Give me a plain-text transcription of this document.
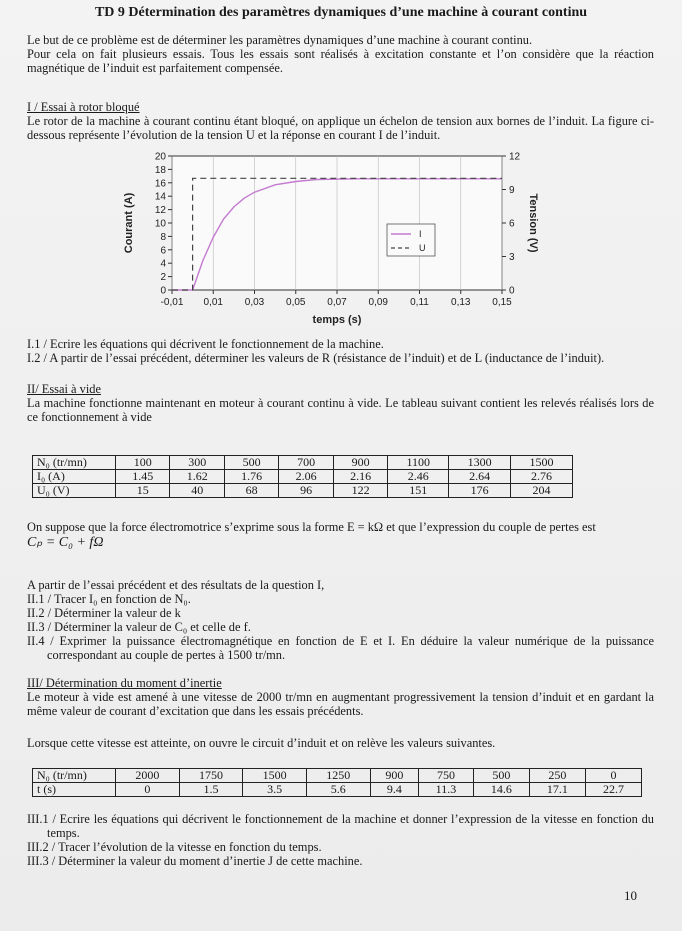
TD 9 Détermination des paramètres dynamiques d’une machine à courant continu

Le but de ce problème est de déterminer les paramètres dynamiques d’une machine à courant continu.

Pour cela on fait plusieurs essais. Tous les essais sont réalisés à excitation constante et l’on considère que la réaction magnétique de l’induit est parfaitement compensée.

I / Essai à rotor bloqué

Le rotor de la machine à courant continu étant bloqué, on applique un échelon de tension aux bornes de l’induit. La figure ci-dessous représente l’évolution de la tension U et la réponse en courant I de l’induit.

-0,01 0,01 0,03 0,05 0,07 0,09 0,11 0,13 0,15
0
2
4
6
8
10
12
14
16
18
20
0
3
6
9
12
temps (s)
Courant (A)	Tension (V)
I
U

I.1 / Ecrire les équations qui décrivent le fonctionnement de la machine.

I.2 / A partir de l’essai précédent, déterminer les valeurs de R (résistance de l’induit) et de L (inductance de l’induit).

II/ Essai à vide

La machine fonctionne maintenant en moteur à courant continu à vide. Le tableau suivant contient les relevés réalisés lors de ce fonctionnement à vide

N₀ (tr/mn)	100	300	500	700	900	1100	1300	1500
I₀ (A)	1.45	1.62	1.76	2.06	2.16	2.46	2.64	2.76
U₀ (V)	15	40	68	96	122	151	176	204

On suppose que la force électromotrice s’exprime sous la forme E = kΩ et que l’expression du couple de pertes est

Cₚ = C₀ + fΩ

A partir de l’essai précédent et des résultats de la question I,

II.1 / Tracer I₀ en fonction de N₀.

II.2 / Déterminer la valeur de k

II.3 / Déterminer la valeur de C₀ et celle de f.

II.4 / Exprimer la puissance électromagnétique en fonction de E et I. En déduire la valeur numérique de la puissance correspondant au couple de pertes à 1500 tr/mn.

III/ Détermination du moment d’inertie

Le moteur à vide est amené à une vitesse de 2000 tr/mn en augmentant progressivement la tension d’induit et en gardant la même valeur de courant d’excitation que dans les essais précédents.

Lorsque cette vitesse est atteinte, on ouvre le circuit d’induit et on relève les valeurs suivantes.

N₀ (tr/mn)	2000	1750	1500	1250	900	750	500	250	0
t (s)	0	1.5	3.5	5.6	9.4	11.3	14.6	17.1	22.7

III.1 / Ecrire les équations qui décrivent le fonctionnement de la machine et donner l’expression de la vitesse en fonction du temps.

III.2 / Tracer l’évolution de la vitesse en fonction du temps.

III.3 / Déterminer la valeur du moment d’inertie J de cette machine.

10
